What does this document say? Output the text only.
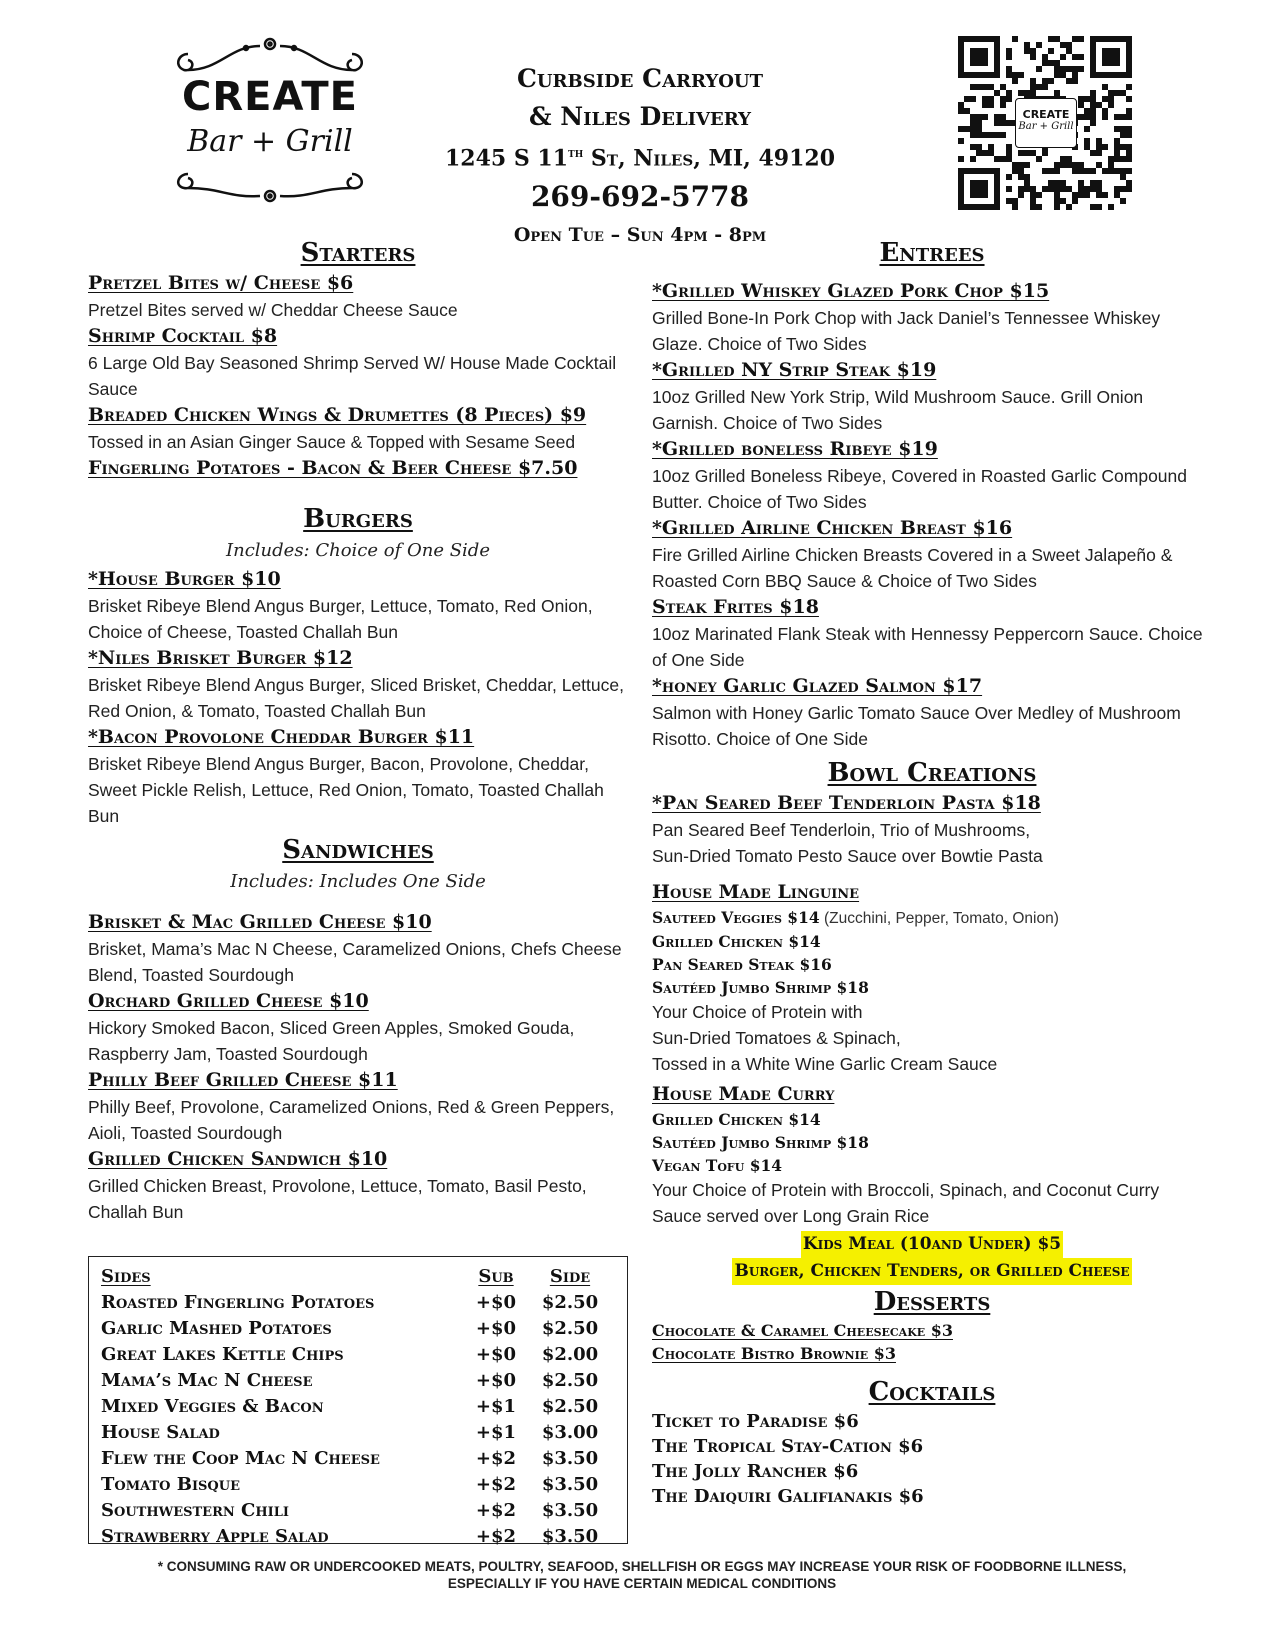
CREATE
Bar + Grill
Curbside Carryout
& Niles Delivery
1245 S 11th St, Niles, MI, 49120
269-692-5778
Open Tue – Sun 4pm - 8pm
CREATE
Bar + Grill
Starters
Pretzel Bites w/ Cheese $6
Pretzel Bites served w/ Cheddar Cheese Sauce
Shrimp Cocktail $8
6 Large Old Bay Seasoned Shrimp Served W/ House Made Cocktail Sauce
Breaded Chicken Wings & Drumettes (8 Pieces) $9
Tossed in an Asian Ginger Sauce & Topped with Sesame Seed
Fingerling Potatoes - Bacon & Beer Cheese $7.50
Burgers
Includes: Choice of One Side
*House Burger $10
Brisket Ribeye Blend Angus Burger, Lettuce, Tomato, Red Onion, Choice of Cheese, Toasted Challah Bun
*Niles Brisket Burger $12
Brisket Ribeye Blend Angus Burger, Sliced Brisket, Cheddar, Lettuce, Red Onion, & Tomato, Toasted Challah Bun
*Bacon Provolone Cheddar Burger $11
Brisket Ribeye Blend Angus Burger, Bacon, Provolone, Cheddar, Sweet Pickle Relish, Lettuce, Red Onion, Tomato, Toasted Challah Bun
Sandwiches
Includes: Includes One Side
Brisket & Mac Grilled Cheese $10
Brisket, Mama’s Mac N Cheese, Caramelized Onions, Chefs Cheese Blend, Toasted Sourdough
Orchard Grilled Cheese $10
Hickory Smoked Bacon, Sliced Green Apples, Smoked Gouda, Raspberry Jam, Toasted Sourdough
Philly Beef Grilled Cheese $11
Philly Beef, Provolone, Caramelized Onions, Red & Green Peppers, Aioli, Toasted Sourdough
Grilled Chicken Sandwich $10
Grilled Chicken Breast, Provolone, Lettuce, Tomato, Basil Pesto, Challah Bun
Sides	Sub	Side
Roasted Fingerling Potatoes	+$0	$2.50
Garlic Mashed Potatoes	+$0	$2.50
Great Lakes Kettle Chips	+$0	$2.00
Mama’s Mac N Cheese	+$0	$2.50
Mixed Veggies & Bacon	+$1	$2.50
House Salad	+$1	$3.00
Flew the Coop Mac N Cheese	+$2	$3.50
Tomato Bisque	+$2	$3.50
Southwestern Chili	+$2	$3.50
Strawberry Apple Salad	+$2	$3.50
Entrees
*Grilled Whiskey Glazed Pork Chop $15
Grilled Bone-In Pork Chop with Jack Daniel’s Tennessee Whiskey Glaze. Choice of Two Sides
*Grilled NY Strip Steak $19
10oz Grilled New York Strip, Wild Mushroom Sauce. Grill Onion Garnish. Choice of Two Sides
*Grilled boneless Ribeye $19
10oz Grilled Boneless Ribeye, Covered in Roasted Garlic Compound Butter. Choice of Two Sides
*Grilled Airline Chicken Breast $16
Fire Grilled Airline Chicken Breasts Covered in a Sweet Jalapeño & Roasted Corn BBQ Sauce & Choice of Two Sides
Steak Frites $18
10oz Marinated Flank Steak with Hennessy Peppercorn Sauce. Choice of One Side
*honey Garlic Glazed Salmon $17
Salmon with Honey Garlic Tomato Sauce Over Medley of Mushroom Risotto. Choice of One Side
Bowl Creations
*Pan Seared Beef Tenderloin Pasta $18
Pan Seared Beef Tenderloin, Trio of Mushrooms,
Sun-Dried Tomato Pesto Sauce over Bowtie Pasta
House Made Linguine
Sauteed Veggies $14 (Zucchini, Pepper, Tomato, Onion)
Grilled Chicken $14
Pan Seared Steak $16
Sautéed Jumbo Shrimp $18
Your Choice of Protein with
Sun-Dried Tomatoes & Spinach,
Tossed in a White Wine Garlic Cream Sauce
House Made Curry
Grilled Chicken $14
Sautéed Jumbo Shrimp $18
Vegan Tofu $14
Your Choice of Protein with Broccoli, Spinach, and Coconut Curry Sauce served over Long Grain Rice
Kids Meal (10and Under) $5
Burger, Chicken Tenders, or Grilled Cheese
Desserts
Chocolate & Caramel Cheesecake $3
Chocolate Bistro Brownie $3
Cocktails
Ticket to Paradise $6
The Tropical Stay-Cation $6
The Jolly Rancher $6
The Daiquiri Galifianakis $6
* CONSUMING RAW OR UNDERCOOKED MEATS, POULTRY, SEAFOOD, SHELLFISH OR EGGS MAY INCREASE YOUR RISK OF FOODBORNE ILLNESS,
ESPECIALLY IF YOU HAVE CERTAIN MEDICAL CONDITIONS
